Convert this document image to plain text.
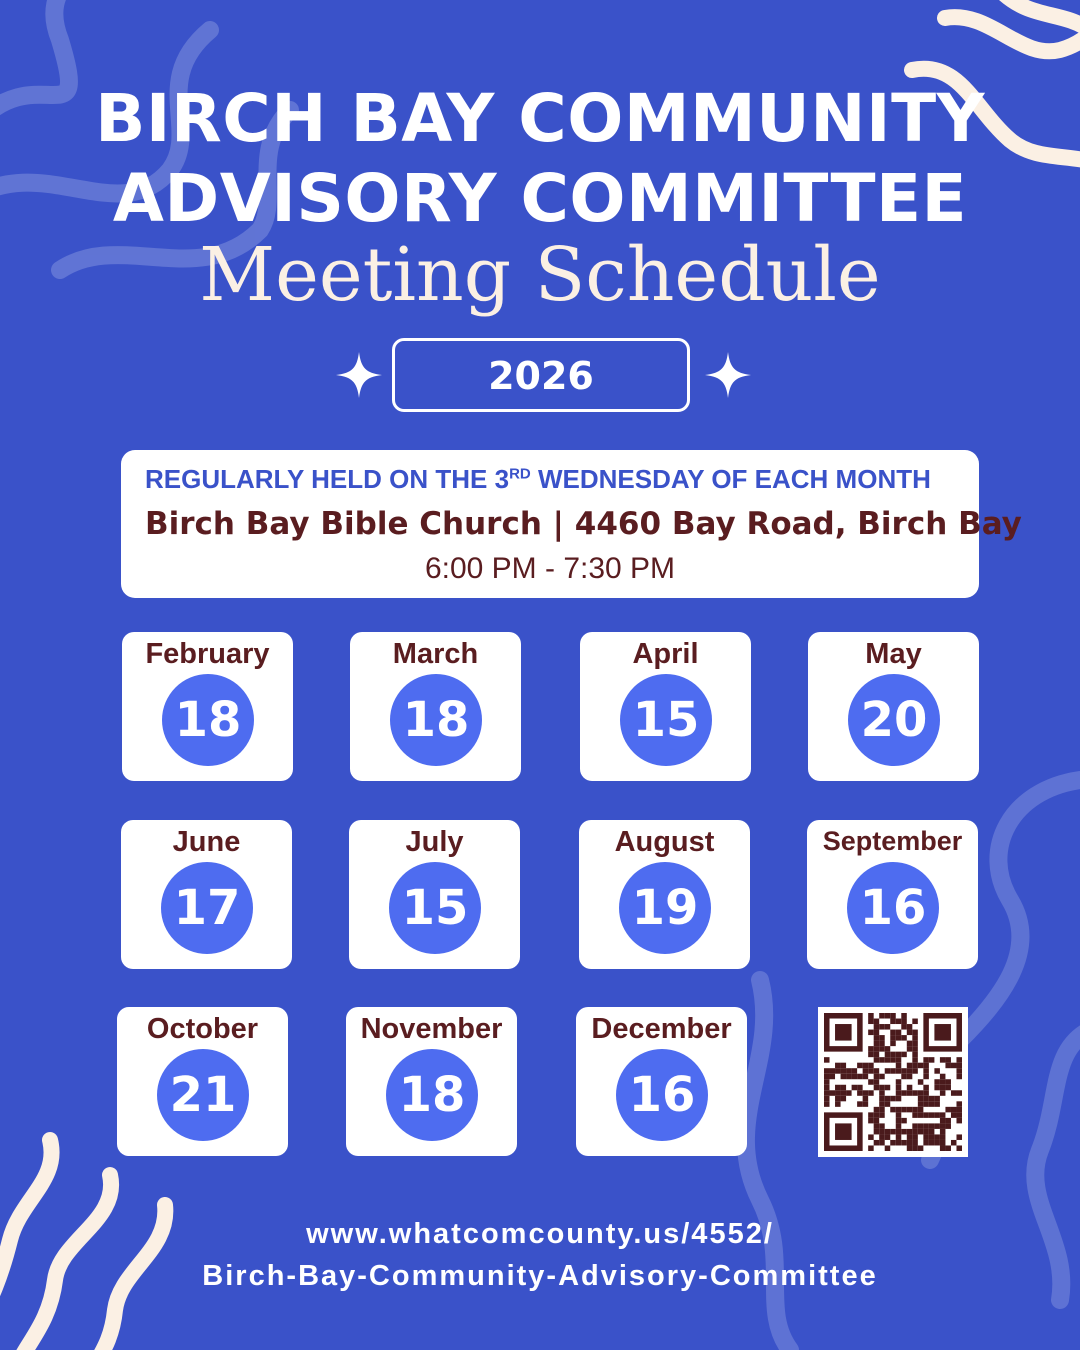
BIRCH BAY COMMUNITY
ADVISORY COMMITTEE
Meeting Schedule
2026
REGULARLY HELD ON THE 3RD WEDNESDAY OF EACH MONTH
Birch Bay Bible Church | 4460 Bay Road, Birch Bay
6:00 PM - 7:30 PM
February
18
March
18
April
15
May
20
June
17
July
15
August
19
September
16
October
21
November
18
December
16
www.whatcomcounty.us/4552/
Birch-Bay-Community-Advisory-Committee
